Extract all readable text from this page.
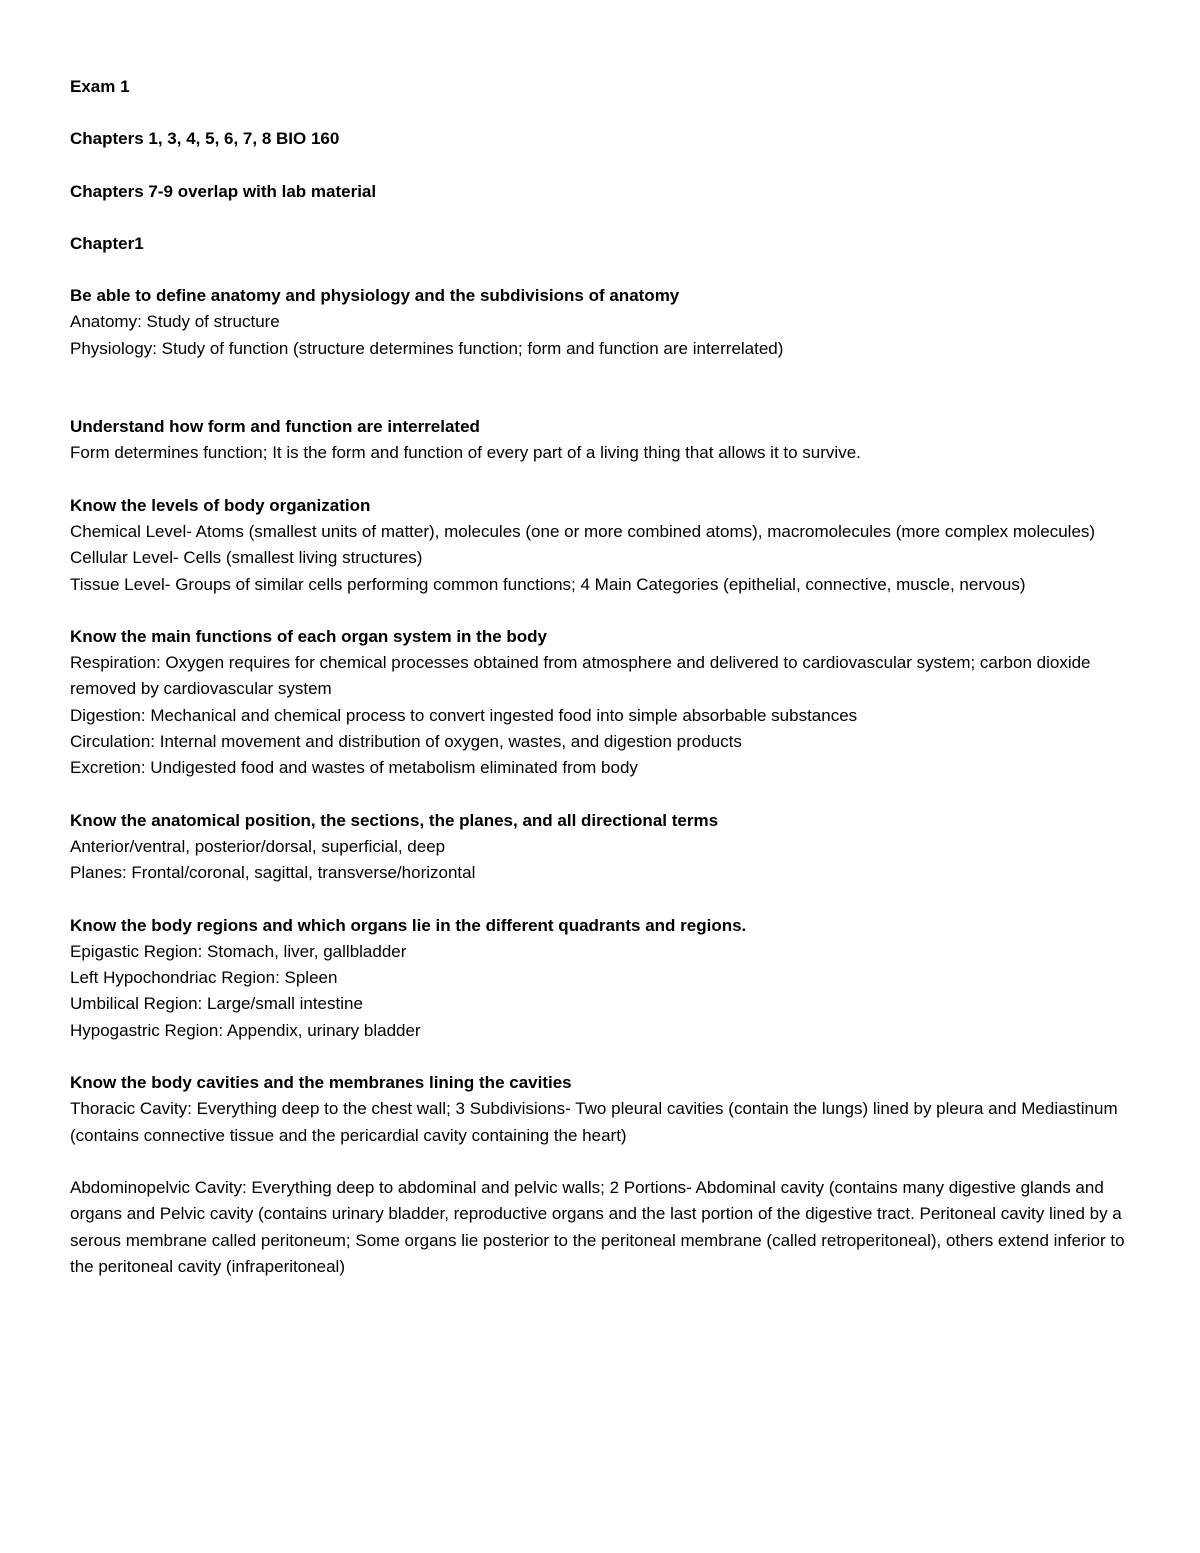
Exam 1

Chapters 1, 3, 4, 5, 6, 7, 8 BIO 160

Chapters 7-9 overlap with lab material

Chapter1

Be able to define anatomy and physiology and the subdivisions of anatomy

Anatomy: Study of structure

Physiology: Study of function (structure determines function; form and function are interrelated)

Understand how form and function are interrelated

Form determines function; It is the form and function of every part of a living thing that allows it to survive.

Know the levels of body organization

Chemical Level- Atoms (smallest units of matter), molecules (one or more combined atoms), macromolecules (more complex molecules)

Cellular Level- Cells (smallest living structures)

Tissue Level- Groups of similar cells performing common functions; 4 Main Categories (epithelial, connective, muscle, nervous)

Know the main functions of each organ system in the body

Respiration: Oxygen requires for chemical processes obtained from atmosphere and delivered to cardiovascular system; carbon dioxide removed by cardiovascular system

Digestion: Mechanical and chemical process to convert ingested food into simple absorbable substances

Circulation: Internal movement and distribution of oxygen, wastes, and digestion products

Excretion: Undigested food and wastes of metabolism eliminated from body

Know the anatomical position, the sections, the planes, and all directional terms

Anterior/ventral, posterior/dorsal, superficial, deep

Planes: Frontal/coronal, sagittal, transverse/horizontal

Know the body regions and which organs lie in the different quadrants and regions.

Epigastic Region: Stomach, liver, gallbladder

Left Hypochondriac Region: Spleen

Umbilical Region: Large/small intestine

Hypogastric Region: Appendix, urinary bladder

Know the body cavities and the membranes lining the cavities

Thoracic Cavity: Everything deep to the chest wall; 3 Subdivisions- Two pleural cavities (contain the lungs) lined by pleura and Mediastinum (contains connective tissue and the pericardial cavity containing the heart)

Abdominopelvic Cavity: Everything deep to abdominal and pelvic walls; 2 Portions- Abdominal cavity (contains many digestive glands and organs and Pelvic cavity (contains urinary bladder, reproductive organs and the last portion of the digestive tract. Peritoneal cavity lined by a serous membrane called peritoneum; Some organs lie posterior to the peritoneal membrane (called retroperitoneal), others extend inferior to the peritoneal cavity (infraperitoneal)
